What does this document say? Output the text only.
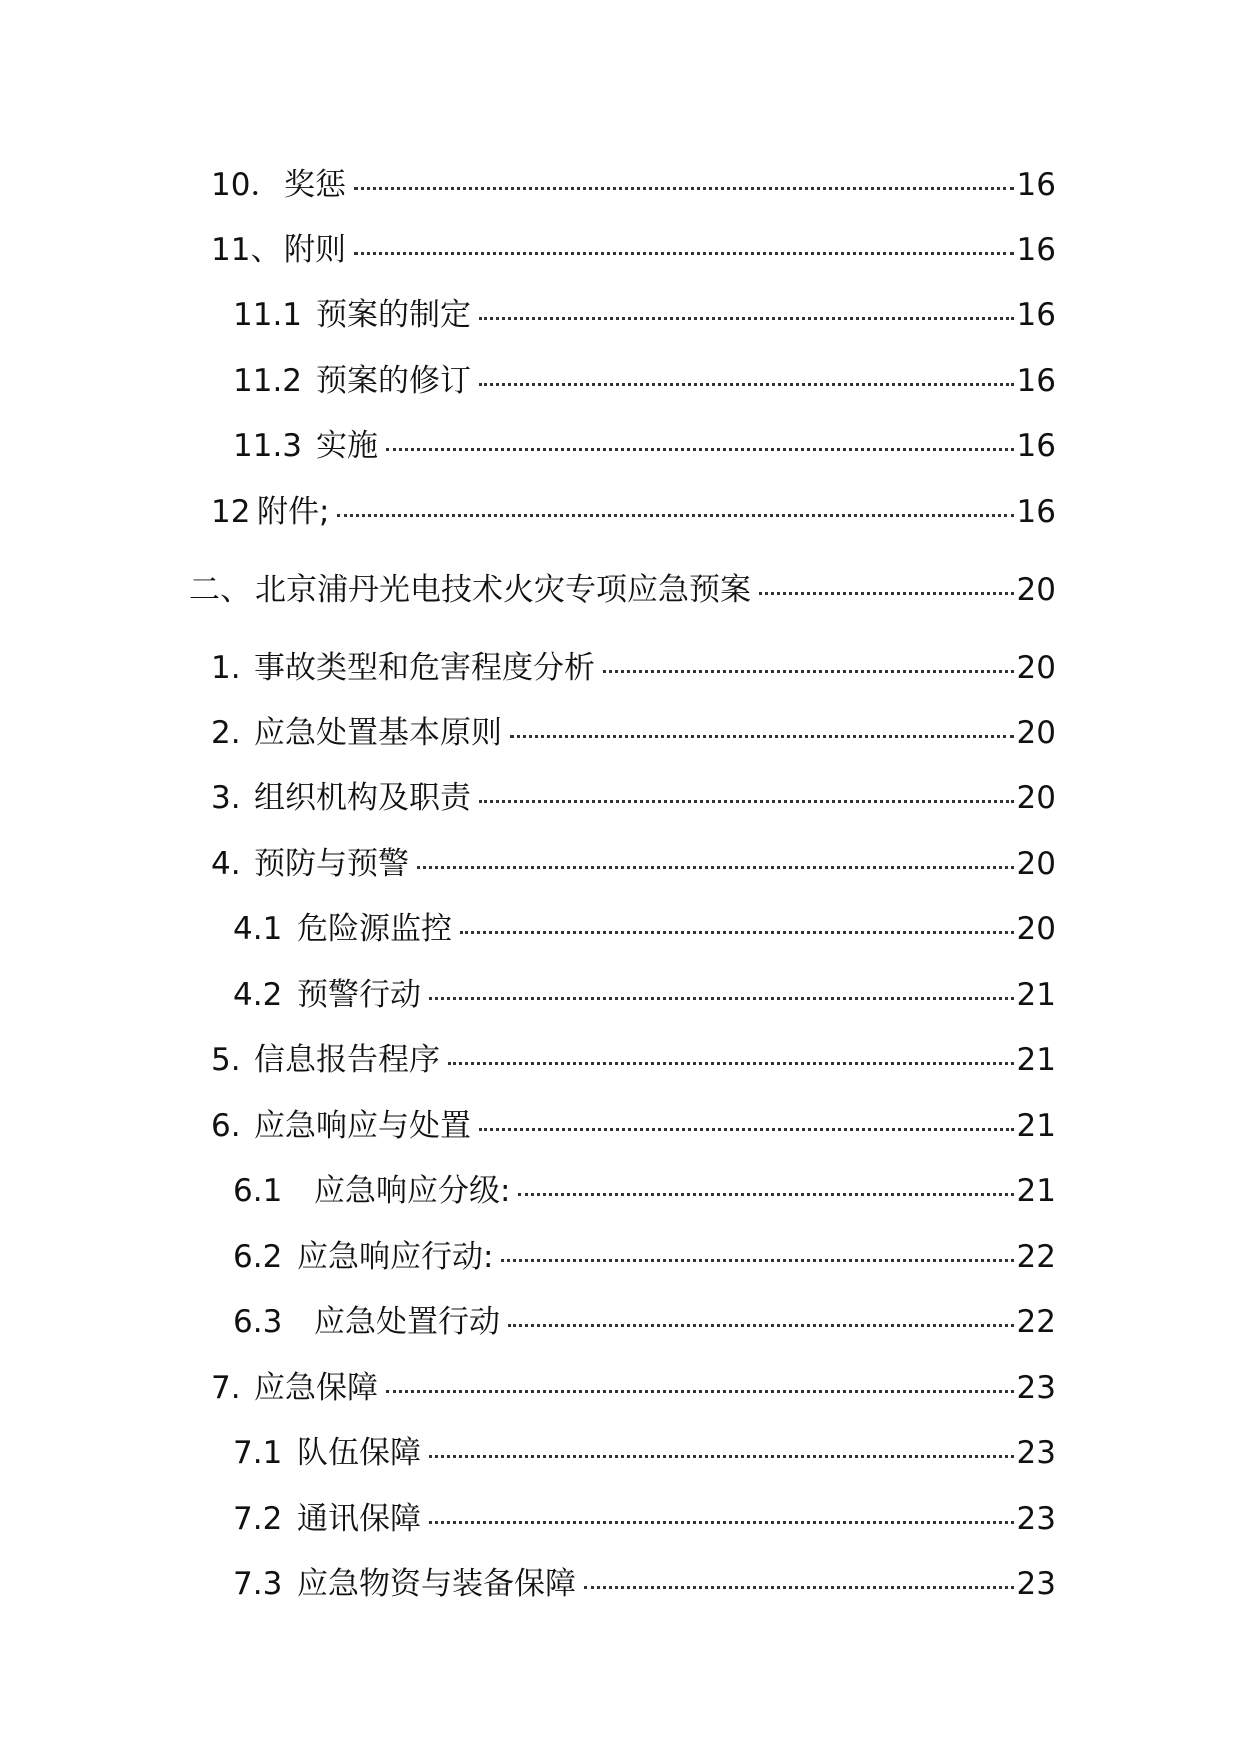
10． 奖惩	16
11、 附则	16
11.1 预案的制定	16
11.2 预案的修订	16
11.3 实施	16
12 附件;	16
二、 北京浦丹光电技术火灾专项应急预案	20
1. 事故类型和危害程度分析	20
2. 应急处置基本原则	20
3. 组织机构及职责	20
4. 预防与预警	20
4.1 危险源监控	20
4.2 预警行动	21
5. 信息报告程序	21
6. 应急响应与处置	21
6.1	应急响应分级:	21
6.2 应急响应行动:	22
6.3	应急处置行动	22
7. 应急保障	23
7.1 队伍保障	23
7.2 通讯保障	23
7.3 应急物资与装备保障	23
